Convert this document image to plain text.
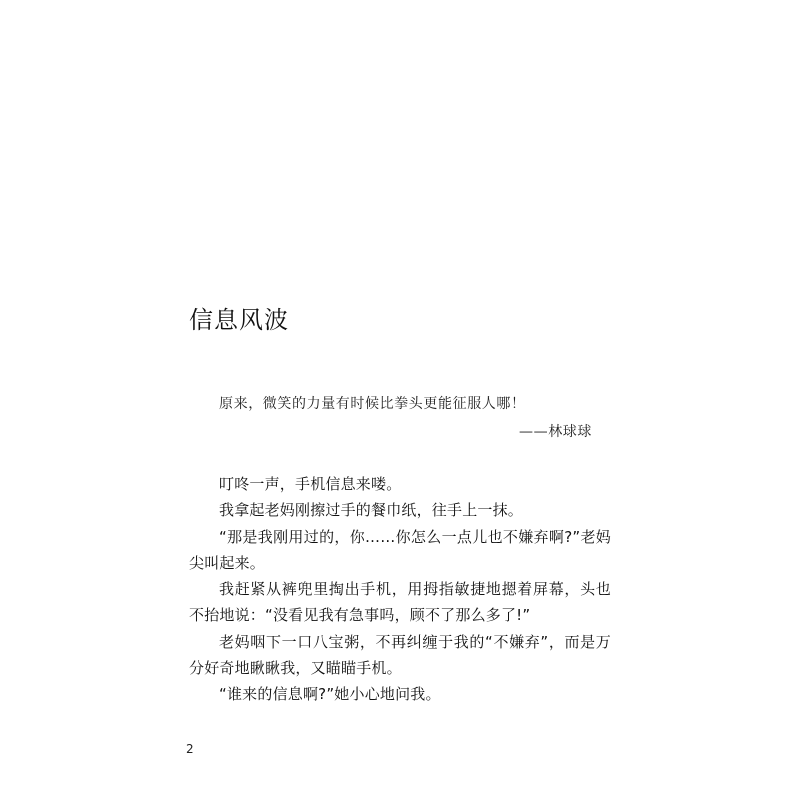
信息风波
原来，微笑的力量有时候比拳头更能征服人哪！
——林球球

叮咚一声，手机信息来喽。

我拿起老妈刚擦过手的餐巾纸，往手上一抹。

“那是我刚用过的，你……你怎么一点儿也不嫌弃啊?”老妈尖叫起来。

我赶紧从裤兜里掏出手机，用拇指敏捷地摁着屏幕，头也不抬地说：“没看见我有急事吗，顾不了那么多了!”

老妈咽下一口八宝粥，不再纠缠于我的“不嫌弃”，而是万分好奇地瞅瞅我，又瞄瞄手机。

“谁来的信息啊?”她小心地问我。

2
